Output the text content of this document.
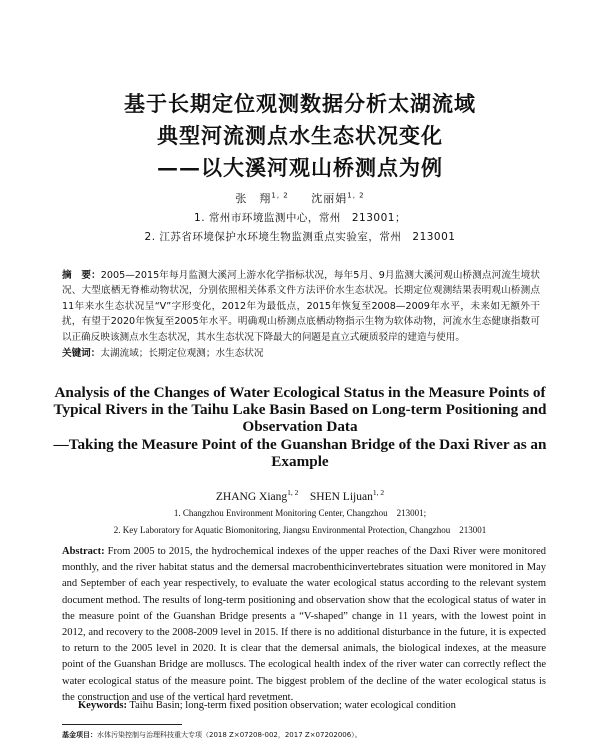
基于长期定位观测数据分析太湖流域
典型河流测点水生态状况变化
——以大溪河观山桥测点为例
张　翔$^{1, 2}$ 沈丽娟$^{1, 2}$
1. 常州市环境监测中心，常州　213001；
2. 江苏省环境保护水环境生物监测重点实验室，常州　213001

摘　要：2005—2015年每月监测大溪河上游水化学指标状况，每年5月、9月监测大溪河观山桥测点河流生境状况、大型底栖无脊椎动物状况，分别依照相关体系文件方法评价水生态状况。长期定位观测结果表明观山桥测点11年来水生态状况呈“V”字形变化，2012年为最低点，2015年恢复至2008—2009年水平，未来如无额外干扰，有望于2020年恢复至2005年水平。明确观山桥测点底栖动物指示生物为软体动物，河流水生态健康指数可以正确反映该测点水生态状况，其水生态状况下降最大的问题是直立式硬质驳岸的建造与使用。

关键词：太湖流域；长期定位观测；水生态状况

Analysis of the Changes of Water Ecological Status in the Measure Points of Typical Rivers in the Taihu Lake Basin Based on Long-term Positioning and Observation Data
—Taking the Measure Point of the Guanshan Bridge of the Daxi River as an Example
ZHANG Xiang$^{1, 2}$ SHEN Lijuan$^{1, 2}$
1. Changzhou Environment Monitoring Center, Changzhou　213001;
2. Key Laboratory for Aquatic Biomonitoring, Jiangsu Environmental Protection, Changzhou　213001

Abstract: From 2005 to 2015, the hydrochemical indexes of the upper reaches of the Daxi River were monitored monthly, and the river habitat status and the demersal macrobenthicinvertebrates situation were monitored in May and September of each year respectively, to evaluate the water ecological status according to the relevant system document method. The results of long-term positioning and observation show that the ecological status of water in the measure point of the Guanshan Bridge presents a “V-shaped” change in 11 years, with the lowest point in 2012, and recovery to the 2008-2009 level in 2015. If there is no additional disturbance in the future, it is expected to return to the 2005 level in 2020. It is clear that the demersal animals, the biological indexes, at the measure point of the Guanshan Bridge are molluscs. The ecological health index of the river water can correctly reflect the water ecological status of the measure point. The biggest problem of the decline of the water ecological status is the construction and use of the vertical hard revetment.

Keywords: Taihu Basin; long-term fixed position observation; water ecological condition

基金项目：水体污染控制与治理科技重大专项（2018 Z×07208-002，2017 Z×07202006）。
